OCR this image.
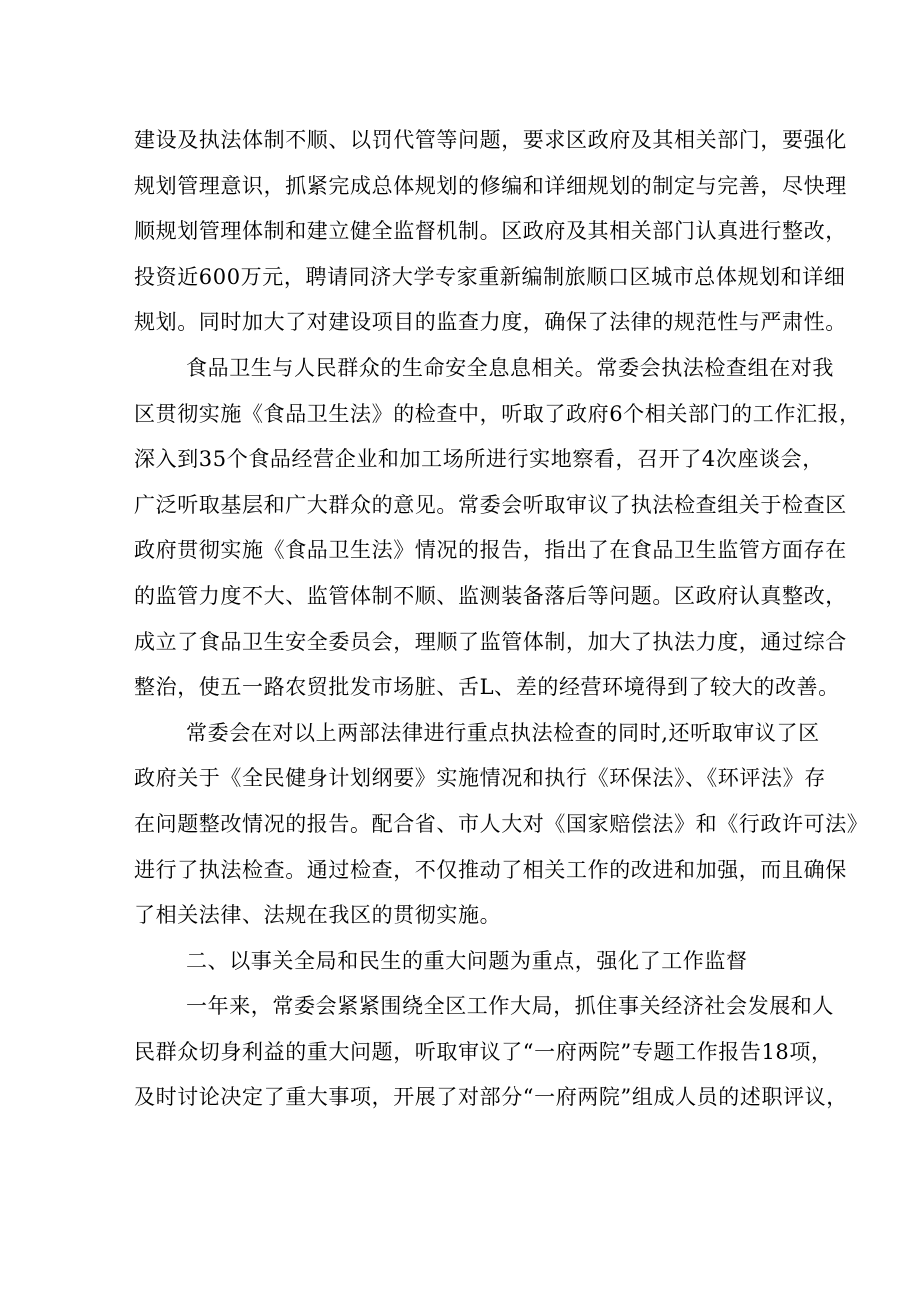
建设及执法体制不顺、以罚代管等问题，要求区政府及其相关部门，要强化
规划管理意识，抓紧完成总体规划的修编和详细规划的制定与完善，尽快理
顺规划管理体制和建立健全监督机制。区政府及其相关部门认真进行整改，
投资近600万元，聘请同济大学专家重新编制旅顺口区城市总体规划和详细
规划。同时加大了对建设项目的监查力度，确保了法律的规范性与严肃性。
食品卫生与人民群众的生命安全息息相关。常委会执法检查组在对我
区贯彻实施《食品卫生法》的检查中，听取了政府6个相关部门的工作汇报，
深入到35个食品经营企业和加工场所进行实地察看，召开了4次座谈会，
广泛听取基层和广大群众的意见。常委会听取审议了执法检查组关于检查区
政府贯彻实施《食品卫生法》情况的报告，指出了在食品卫生监管方面存在
的监管力度不大、监管体制不顺、监测装备落后等问题。区政府认真整改，
成立了食品卫生安全委员会，理顺了监管体制，加大了执法力度，通过综合
整治，使五一路农贸批发市场脏、舌L、差的经营环境得到了较大的改善。
常委会在对以上两部法律进行重点执法检查的同时,还听取审议了区
政府关于《全民健身计划纲要》实施情况和执行《环保法》、《环评法》存
在问题整改情况的报告。配合省、市人大对《国家赔偿法》和《行政许可法》
进行了执法检查。通过检查，不仅推动了相关工作的改进和加强，而且确保
了相关法律、法规在我区的贯彻实施。
二、以事关全局和民生的重大问题为重点，强化了工作监督
一年来，常委会紧紧围绕全区工作大局，抓住事关经济社会发展和人
民群众切身利益的重大问题，听取审议了“一府两院”专题工作报告18项，
及时讨论决定了重大事项，开展了对部分“一府两院”组成人员的述职评议，
